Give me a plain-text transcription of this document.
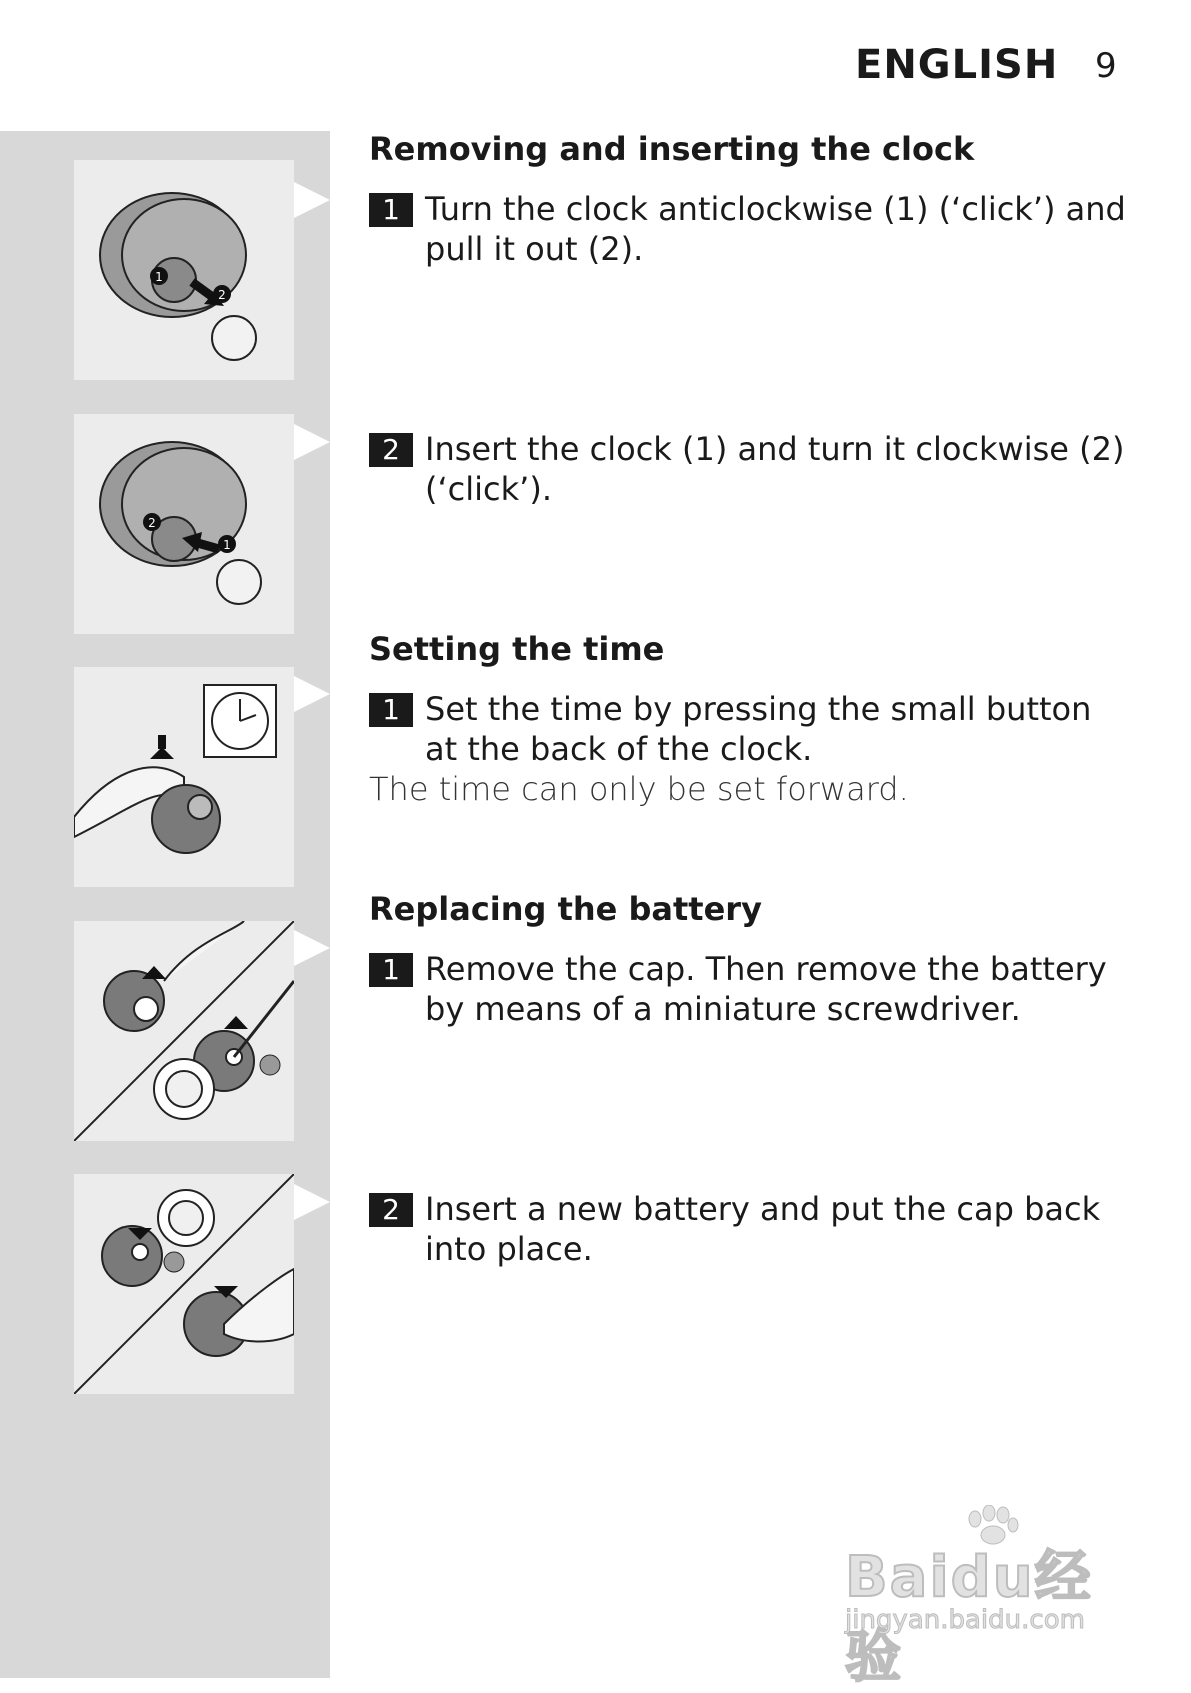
ENGLISH 9
1
2
2
1
Removing and inserting the clock
1 Turn the clock anticlockwise (1) (‘click’) and pull it out (2).
2 Insert the clock (1) and turn it clockwise (2) (‘click’).
Setting the time
1 Set the time by pressing the small button at the back of the clock.
The time can only be set forward.
Replacing the battery
1 Remove the cap. Then remove the battery by means of a miniature screwdriver.
2 Insert a new battery and put the cap back into place.
Baidu经验
jingyan.baidu.com
